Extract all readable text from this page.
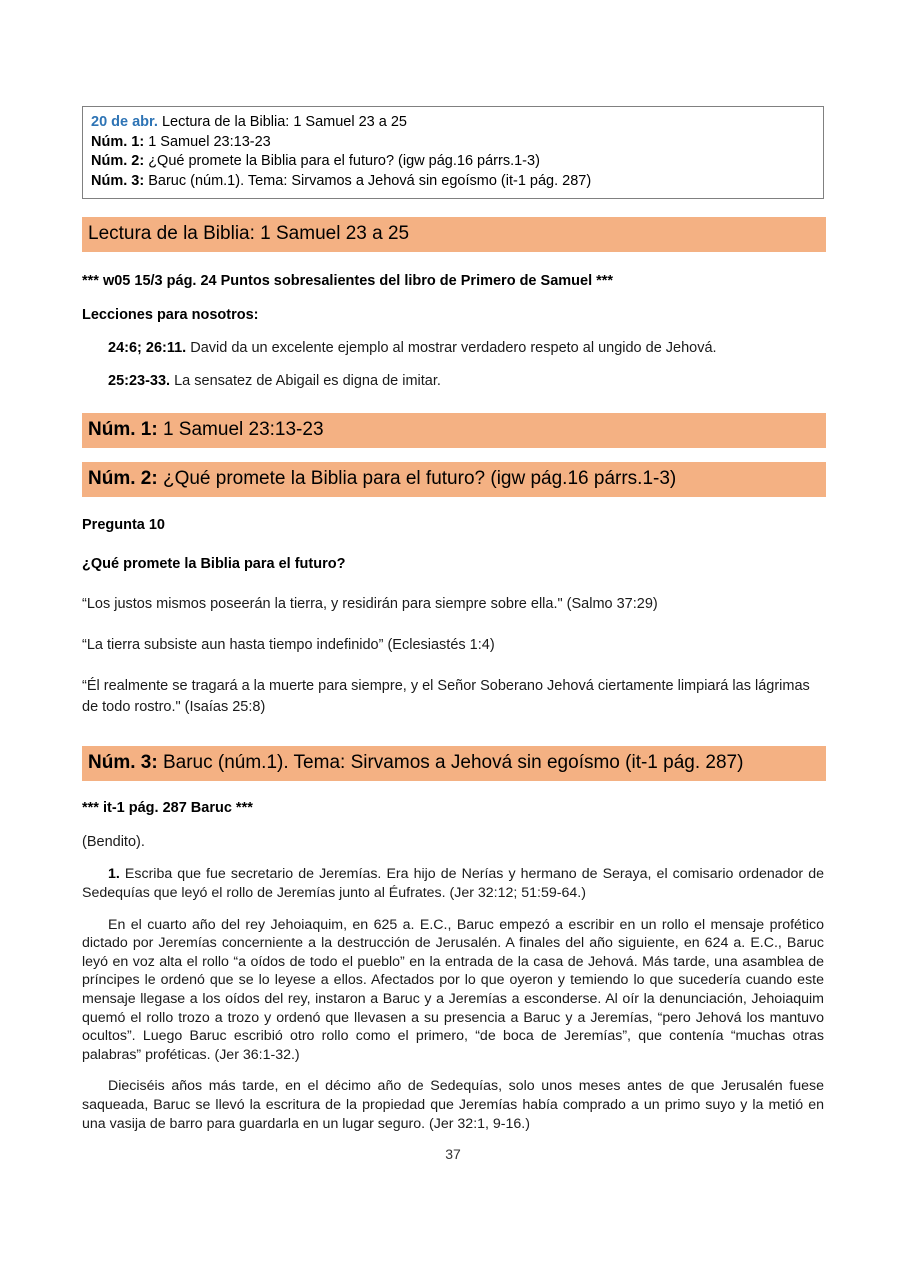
20 de abr. Lectura de la Biblia: 1 Samuel 23 a 25
Núm. 1: 1 Samuel 23:13-23
Núm. 2: ¿Qué promete la Biblia para el futuro? (igw pág.16 párrs.1-3)
Núm. 3: Baruc (núm.1). Tema: Sirvamos a Jehová sin egoísmo (it-1 pág. 287)
Lectura de la Biblia: 1 Samuel 23 a 25
*** w05 15/3 pág. 24 Puntos sobresalientes del libro de Primero de Samuel ***
Lecciones para nosotros:
24:6; 26:11. David da un excelente ejemplo al mostrar verdadero respeto al ungido de Jehová.
25:23-33. La sensatez de Abigail es digna de imitar.
Núm. 1: 1 Samuel 23:13-23
Núm. 2: ¿Qué promete la Biblia para el futuro? (igw pág.16 párrs.1-3)
Pregunta 10
¿Qué promete la Biblia para el futuro?
“Los justos mismos poseerán la tierra, y residirán para siempre sobre ella." (Salmo 37:29)
“La tierra subsiste aun hasta tiempo indefinido” (Eclesiastés 1:4)
“Él realmente se tragará a la muerte para siempre, y el Señor Soberano Jehová ciertamente limpiará las lágrimas de todo rostro." (Isaías 25:8)
Núm. 3: Baruc (núm.1). Tema: Sirvamos a Jehová sin egoísmo (it-1 pág. 287)
*** it-1 pág. 287 Baruc ***
(Bendito).
1. Escriba que fue secretario de Jeremías. Era hijo de Nerías y hermano de Seraya, el comisario ordenador de Sedequías que leyó el rollo de Jeremías junto al Éufrates. (Jer 32:12; 51:59-64.)
En el cuarto año del rey Jehoiaquim, en 625 a. E.C., Baruc empezó a escribir en un rollo el mensaje profético dictado por Jeremías concerniente a la destrucción de Jerusalén. A finales del año siguiente, en 624 a. E.C., Baruc leyó en voz alta el rollo “a oídos de todo el pueblo” en la entrada de la casa de Jehová. Más tarde, una asamblea de príncipes le ordenó que se lo leyese a ellos. Afectados por lo que oyeron y temiendo lo que sucedería cuando este mensaje llegase a los oídos del rey, instaron a Baruc y a Jeremías a esconderse. Al oír la denunciación, Jehoiaquim quemó el rollo trozo a trozo y ordenó que llevasen a su presencia a Baruc y a Jeremías, “pero Jehová los mantuvo ocultos”. Luego Baruc escribió otro rollo como el primero, “de boca de Jeremías”, que contenía “muchas otras palabras” proféticas. (Jer 36:1-32.)
Dieciséis años más tarde, en el décimo año de Sedequías, solo unos meses antes de que Jerusalén fuese saqueada, Baruc se llevó la escritura de la propiedad que Jeremías había comprado a un primo suyo y la metió en una vasija de barro para guardarla en un lugar seguro. (Jer 32:1, 9-16.)
37
